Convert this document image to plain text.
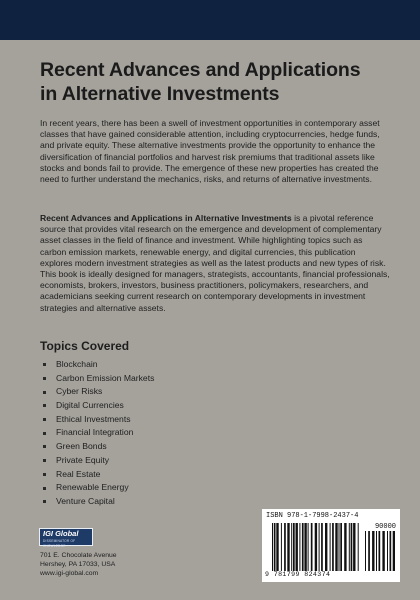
Recent Advances and Applications
in Alternative Investments

In recent years, there has been a swell of investment opportunities in contemporary asset classes that have gained considerable attention, including cryptocurrencies, hedge funds, and private equity. These alternative investments provide the opportunity to enhance the diversification of financial portfolios and harvest risk premiums that traditional assets like stocks and bonds fail to provide. The emergence of these new properties has created the need to further understand the mechanics, risks, and returns of alternative investments.

Recent Advances and Applications in Alternative Investments is a pivotal reference source that provides vital research on the emergence and development of complementary asset classes in the field of finance and investment. While highlighting topics such as carbon emission markets, renewable energy, and digital currencies, this publication explores modern investment strategies as well as the latest products and new types of risk. This book is ideally designed for managers, strategists, accountants, financial professionals, economists, brokers, investors, business practitioners, policymakers, researchers, and academicians seeking current research on contemporary developments in investment strategies and alternative assets.

Topics Covered
Blockchain
Carbon Emission Markets
Cyber Risks
Digital Currencies
Ethical Investments
Financial Integration
Green Bonds
Private Equity
Real Estate
Renewable Energy
Venture Capital
IGI Global
DISSEMINATOR OF KNOWLEDGE
701 E. Chocolate Avenue
Hershey, PA 17033, USA
www.igi-global.com
ISBN 978-1-7998-2437-4
90000
9 781799 824374
